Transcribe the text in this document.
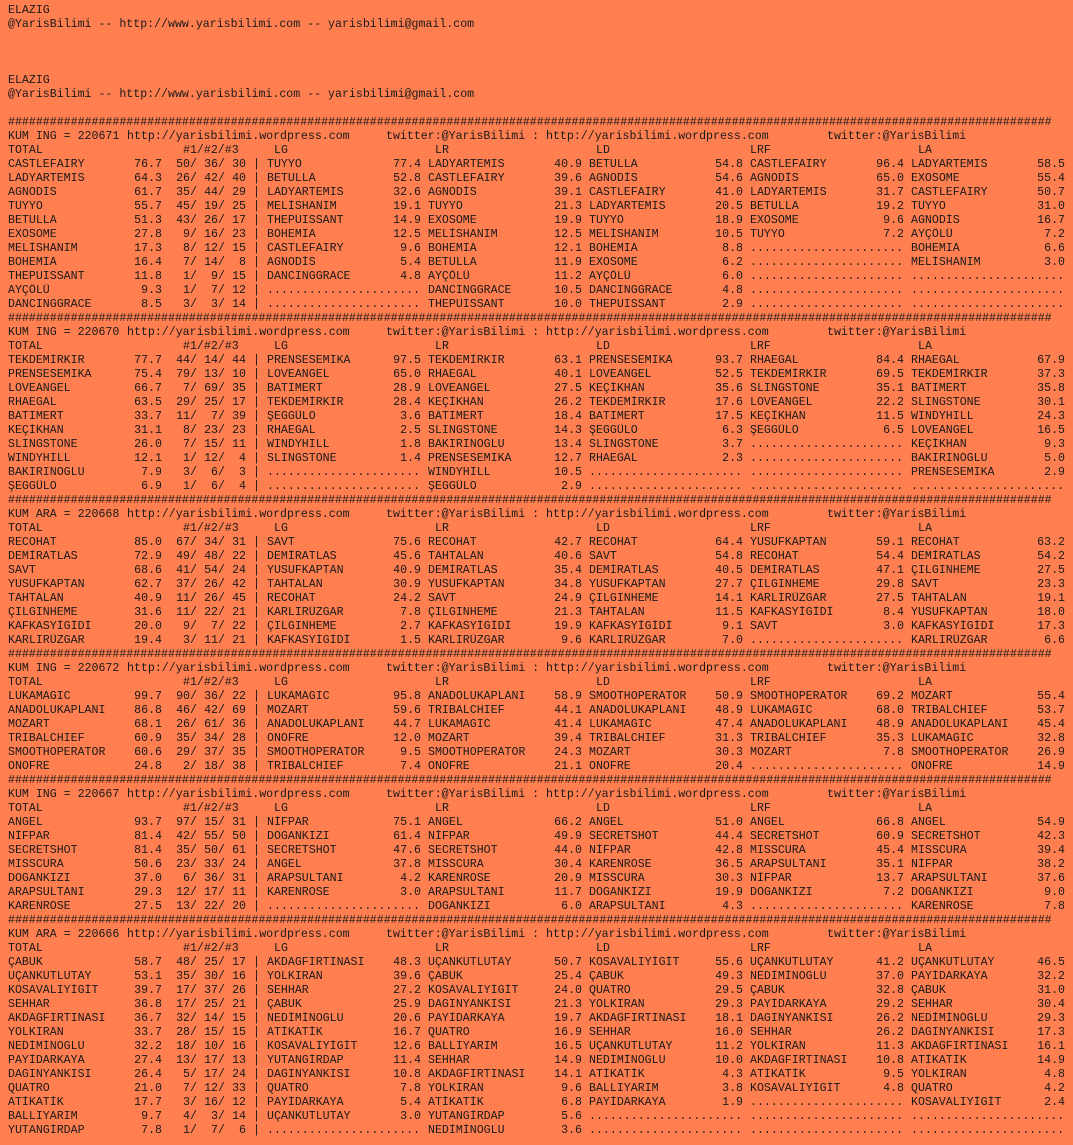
ELAZIG
@YarisBilimi -- http://www.yarisbilimi.com -- yarisbilimi@gmail.com
ELAZIG
@YarisBilimi -- http://www.yarisbilimi.com -- yarisbilimi@gmail.com
######################################################################################################################################################
KUM ING = 220671 http://yarisbilimi.wordpress.com	twitter:@YarisBilimi : http://yarisbilimi.wordpress.com	twitter:@YarisBilimi
TOTAL	#1/#2/#3	LG	LR	LD	LRF	LA
CASTLEFAIRY	76.7	50 / 36 / 30 | TUYYO	77.4 LADYARTEMIS	40.9 BETULLA	54.8 CASTLEFAIRY	96.4 LADYARTEMIS	58.5
LADYARTEMIS	64.3	26 / 42 / 40 | BETULLA	52.8 CASTLEFAIRY	39.6 AGNODİS	54.6 AGNODİS	65.0 EXOSOME	55.4
AGNODİS	61.7	35 / 44 / 29 | LADYARTEMIS	32.6 AGNODİS	39.1 CASTLEFAIRY	41.0 LADYARTEMIS	31.7 CASTLEFAIRY	50.7
TUYYO	55.7	45 / 19 / 25 | MELİSHANIM	19.1 TUYYO	21.3 LADYARTEMIS	20.5 BETULLA	19.2 TUYYO	31.0
BETULLA	51.3	43 / 26 / 17 | THEPUISSANT	14.9 EXOSOME	19.9 TUYYO	18.9 EXOSOME	9.6 AGNODİS	16.7
EXOSOME	27.8	9 / 16 / 23 | BOHEMIA	12.5 MELİSHANIM	12.5 MELİSHANIM	10.5 TUYYO	7.2 AYÇÖLÜ	7.2
MELİSHANIM	17.3	8 / 12 / 15 | CASTLEFAIRY	9.6 BOHEMIA	12.1 BOHEMIA	8.8 ...................... BOHEMIA	6.6
BOHEMIA	16.4	7 / 14 /	8 | AGNODİS	5.4 BETULLA	11.9 EXOSOME	6.2 ...................... MELİSHANIM	3.0
THEPUISSANT	11.8	1 /	9 / 15 | DANCINGGRACE	4.8 AYÇÖLÜ	11.2 AYÇÖLÜ	6.0 ...................... ......................
AYÇÖLÜ	9.3	1 /	7 / 12 | ...................... DANCINGGRACE	10.5 DANCINGGRACE	4.8 ...................... ......................
DANCINGGRACE	8.5	3 /	3 / 14 | ...................... THEPUISSANT	10.0 THEPUISSANT	2.9 ...................... ......................
######################################################################################################################################################
KUM ING = 220670 http://yarisbilimi.wordpress.com	twitter:@YarisBilimi : http://yarisbilimi.wordpress.com	twitter:@YarisBilimi
TOTAL	#1/#2/#3	LG	LR	LD	LRF	LA
TEKDEMİRKIR	77.7	44 / 14 / 44 | PRENSESEMIKA	97.5 TEKDEMİRKIR	63.1 PRENSESEMIKA	93.7 RHAEGAL	84.4 RHAEGAL	67.9
PRENSESEMIKA	75.4	79 / 13 / 10 | LOVEANGEL	65.0 RHAEGAL	40.1 LOVEANGEL	52.5 TEKDEMİRKIR	69.5 TEKDEMİRKIR	37.3
LOVEANGEL	66.7	7 / 69 / 35 | BATIMERT	28.9 LOVEANGEL	27.5 KEÇİKHAN	35.6 SLINGSTONE	35.1 BATIMERT	35.8
RHAEGAL	63.5	29 / 25 / 17 | TEKDEMİRKIR	28.4 KEÇİKHAN	26.2 TEKDEMİRKIR	17.6 LOVEANGEL	22.2 SLINGSTONE	30.1
BATIMERT	33.7	11 /	7 / 39 | ŞEGGÜLO	3.6 BATIMERT	18.4 BATIMERT	17.5 KEÇİKHAN	11.5 WINDYHILL	24.3
KEÇİKHAN	31.1	8 / 23 / 23 | RHAEGAL	2.5 SLINGSTONE	14.3 ŞEGGÜLO	6.3 ŞEGGÜLO	6.5 LOVEANGEL	16.5
SLINGSTONE	26.0	7 / 15 / 11 | WINDYHILL	1.8 BAKIRINOĞLU	13.4 SLINGSTONE	3.7 ...................... KEÇİKHAN	9.3
WINDYHILL	12.1	1 / 12 /	4 | SLINGSTONE	1.4 PRENSESEMIKA	12.7 RHAEGAL	2.3 ...................... BAKIRINOĞLU	5.0
BAKIRINOĞLU	7.9	3 /	6 /	3 | ...................... WINDYHILL	10.5 ...................... ...................... PRENSESEMIKA	2.9
ŞEGGÜLO	6.9	1 /	6 /	4 | ...................... ŞEGGÜLO	2.9 ...................... ...................... ......................
######################################################################################################################################################
KUM ARA = 220668 http://yarisbilimi.wordpress.com	twitter:@YarisBilimi : http://yarisbilimi.wordpress.com	twitter:@YarisBilimi
TOTAL	#1/#2/#3	LG	LR	LD	LRF	LA
RECOHAT	85.0	67 / 34 / 31 | SAVT	75.6 RECOHAT	42.7 RECOHAT	64.4 YUSUFKAPTAN	59.1 RECOHAT	63.2
DEMİRATLAS	72.9	49 / 48 / 22 | DEMİRATLAS	45.6 TAHTALAN	40.6 SAVT	54.8 RECOHAT	54.4 DEMİRATLAS	54.2
SAVT	68.6	41 / 54 / 24 | YUSUFKAPTAN	40.9 DEMİRATLAS	35.4 DEMİRATLAS	40.5 DEMİRATLAS	47.1 ÇILGINHEME	27.5
YUSUFKAPTAN	62.7	37 / 26 / 42 | TAHTALAN	30.9 YUSUFKAPTAN	34.8 YUSUFKAPTAN	27.7 ÇILGINHEME	29.8 SAVT	23.3
TAHTALAN	40.9	11 / 26 / 45 | RECOHAT	24.2 SAVT	24.9 ÇILGINHEME	14.1 KARLIRÜZGAR	27.5 TAHTALAN	19.1
ÇILGINHEME	31.6	11 / 22 / 21 | KARLIRÜZGAR	7.8 ÇILGINHEME	21.3 TAHTALAN	11.5 KAFKASYİĞİDİ	8.4 YUSUFKAPTAN	18.0
KAFKASYİĞİDİ	20.0	9 /	7 / 22 | ÇILGINHEME	2.7 KAFKASYİĞİDİ	19.9 KAFKASYİĞİDİ	9.1 SAVT	3.0 KAFKASYİĞİDİ	17.3
KARLIRÜZGAR	19.4	3 / 11 / 21 | KAFKASYİĞİDİ	1.5 KARLIRÜZGAR	9.6 KARLIRÜZGAR	7.0 ...................... KARLIRÜZGAR	6.6
######################################################################################################################################################
KUM ING = 220672 http://yarisbilimi.wordpress.com	twitter:@YarisBilimi : http://yarisbilimi.wordpress.com	twitter:@YarisBilimi
TOTAL	#1/#2/#3	LG	LR	LD	LRF	LA
LUKAMAGIC	99.7	90 / 36 / 22 | LUKAMAGIC	95.8 ANADOLUKAPLANI	58.9 SMOOTHOPERATOR	50.9 SMOOTHOPERATOR	69.2 MOZART	55.4
ANADOLUKAPLANI	86.8	46 / 42 / 69 | MOZART	59.6 TRIBALCHIEF	44.1 ANADOLUKAPLANI	48.9 LUKAMAGIC	68.0 TRIBALCHIEF	53.7
MOZART	68.1	26 / 61 / 36 | ANADOLUKAPLANI	44.7 LUKAMAGIC	41.4 LUKAMAGIC	47.4 ANADOLUKAPLANI	48.9 ANADOLUKAPLANI	45.4
TRIBALCHIEF	60.9	35 / 34 / 28 | ONOFRE	12.0 MOZART	39.4 TRIBALCHIEF	31.3 TRIBALCHIEF	35.3 LUKAMAGIC	32.8
SMOOTHOPERATOR	60.6	29 / 37 / 35 | SMOOTHOPERATOR	9.5 SMOOTHOPERATOR	24.3 MOZART	30.3 MOZART	7.8 SMOOTHOPERATOR	26.9
ONOFRE	24.8	2 / 18 / 38 | TRIBALCHIEF	7.4 ONOFRE	21.1 ONOFRE	20.4 ...................... ONOFRE	14.9
######################################################################################################################################################
KUM ING = 220667 http://yarisbilimi.wordpress.com	twitter:@YarisBilimi : http://yarisbilimi.wordpress.com	twitter:@YarisBilimi
TOTAL	#1/#2/#3	LG	LR	LD	LRF	LA
ANGEL	93.7	97 / 15 / 31 | NİFPAR	75.1 ANGEL	66.2 ANGEL	51.0 ANGEL	66.8 ANGEL	54.9
NİFPAR	81.4	42 / 55 / 50 | DOĞANKIZI	61.4 NİFPAR	49.9 SECRETSHOT	44.4 SECRETSHOT	60.9 SECRETSHOT	42.3
SECRETSHOT	81.4	35 / 50 / 61 | SECRETSHOT	47.6 SECRETSHOT	44.0 NİFPAR	42.8 MISSCURA	45.4 MISSCURA	39.4
MISSCURA	50.6	23 / 33 / 24 | ANGEL	37.8 MISSCURA	30.4 KARENROSE	36.5 ARAPSULTANI	35.1 NİFPAR	38.2
DOĞANKIZI	37.0	6 / 36 / 31 | ARAPSULTANI	4.2 KARENROSE	20.9 MISSCURA	30.3 NİFPAR	13.7 ARAPSULTANI	37.6
ARAPSULTANI	29.3	12 / 17 / 11 | KARENROSE	3.0 ARAPSULTANI	11.7 DOĞANKIZI	19.9 DOĞANKIZI	7.2 DOĞANKIZI	9.0
KARENROSE	27.5	13 / 22 / 20 | ...................... DOĞANKIZI	6.0 ARAPSULTANI	4.3 ...................... KARENROSE	7.8
######################################################################################################################################################
KUM ARA = 220666 http://yarisbilimi.wordpress.com	twitter:@YarisBilimi : http://yarisbilimi.wordpress.com	twitter:@YarisBilimi
TOTAL	#1/#2/#3	LG	LR	LD	LRF	LA
ÇABUK	58.7	48 / 25 / 17 | AKDAĞFIRTINASI	48.3 UÇANKUTLUTAY	50.7 KOSAVALIYİĞİT	55.6 UÇANKUTLUTAY	41.2 UÇANKUTLUTAY	46.5
UÇANKUTLUTAY	53.1	35 / 30 / 16 | YOLKIRAN	39.6 ÇABUK	25.4 ÇABUK	49.3 NEDİMİNOĞLU	37.0 PAYİDARKAYA	32.2
KOSAVALIYİĞİT	39.7	17 / 37 / 26 | SEHHAR	27.2 KOSAVALIYİĞİT	24.0 QUATRO	29.5 ÇABUK	32.8 ÇABUK	31.0
SEHHAR	36.8	17 / 25 / 21 | ÇABUK	25.9 DAĞINYANKISI	21.3 YOLKIRAN	29.3 PAYİDARKAYA	29.2 SEHHAR	30.4
AKDAĞFIRTINASI	36.7	32 / 14 / 15 | NEDİMİNOĞLU	20.6 PAYİDARKAYA	19.7 AKDAĞFIRTINASI	18.1 DAĞINYANKISI	26.2 NEDİMİNOĞLU	29.3
YOLKIRAN	33.7	28 / 15 / 15 | ATİKATİK	16.7 QUATRO	16.9 SEHHAR	16.0 SEHHAR	26.2 DAĞINYANKISI	17.3
NEDİMİNOĞLU	32.2	18 / 10 / 16 | KOSAVALIYİĞİT	12.6 BALLIYARIM	16.5 UÇANKUTLUTAY	11.2 YOLKIRAN	11.3 AKDAĞFIRTINASI	16.1
PAYİDARKAYA	27.4	13 / 17 / 13 | YUTANGİRDAP	11.4 SEHHAR	14.9 NEDİMİNOĞLU	10.0 AKDAĞFIRTINASI	10.8 ATİKATİK	14.9
DAĞINYANKISI	26.4	5 / 17 / 24 | DAĞINYANKISI	10.8 AKDAĞFIRTINASI	14.1 ATİKATİK	4.3 ATİKATİK	9.5 YOLKIRAN	4.8
QUATRO	21.0	7 / 12 / 33 | QUATRO	7.8 YOLKIRAN	9.6 BALLIYARIM	3.8 KOSAVALIYİĞİT	4.8 QUATRO	4.2
ATİKATİK	17.7	3 / 16 / 12 | PAYİDARKAYA	5.4 ATİKATİK	6.8 PAYİDARKAYA	1.9 ...................... KOSAVALIYİĞİT	2.4
BALLIYARIM	9.7	4 /	3 / 14 | UÇANKUTLUTAY	3.0 YUTANGİRDAP	5.6 ...................... ...................... ......................
YUTANGİRDAP	7.8	1 /	7 /	6 | ...................... NEDİMİNOĞLU	3.6 ...................... ...................... ......................
